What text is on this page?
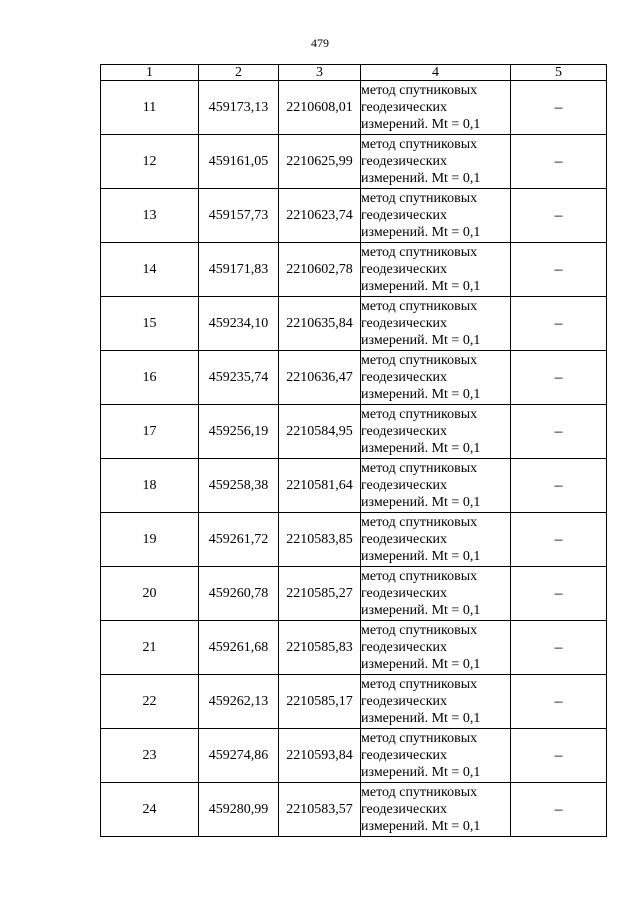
479
1	2	3	4	5
11	459173,13	2210608,01	метод спутниковых
геодезических
измерений. Mt = 0,1	–
12	459161,05	2210625,99	метод спутниковых
геодезических
измерений. Mt = 0,1	–
13	459157,73	2210623,74	метод спутниковых
геодезических
измерений. Mt = 0,1	–
14	459171,83	2210602,78	метод спутниковых
геодезических
измерений. Mt = 0,1	–
15	459234,10	2210635,84	метод спутниковых
геодезических
измерений. Mt = 0,1	–
16	459235,74	2210636,47	метод спутниковых
геодезических
измерений. Mt = 0,1	–
17	459256,19	2210584,95	метод спутниковых
геодезических
измерений. Mt = 0,1	–
18	459258,38	2210581,64	метод спутниковых
геодезических
измерений. Mt = 0,1	–
19	459261,72	2210583,85	метод спутниковых
геодезических
измерений. Mt = 0,1	–
20	459260,78	2210585,27	метод спутниковых
геодезических
измерений. Mt = 0,1	–
21	459261,68	2210585,83	метод спутниковых
геодезических
измерений. Mt = 0,1	–
22	459262,13	2210585,17	метод спутниковых
геодезических
измерений. Mt = 0,1	–
23	459274,86	2210593,84	метод спутниковых
геодезических
измерений. Mt = 0,1	–
24	459280,99	2210583,57	метод спутниковых
геодезических
измерений. Mt = 0,1	–
